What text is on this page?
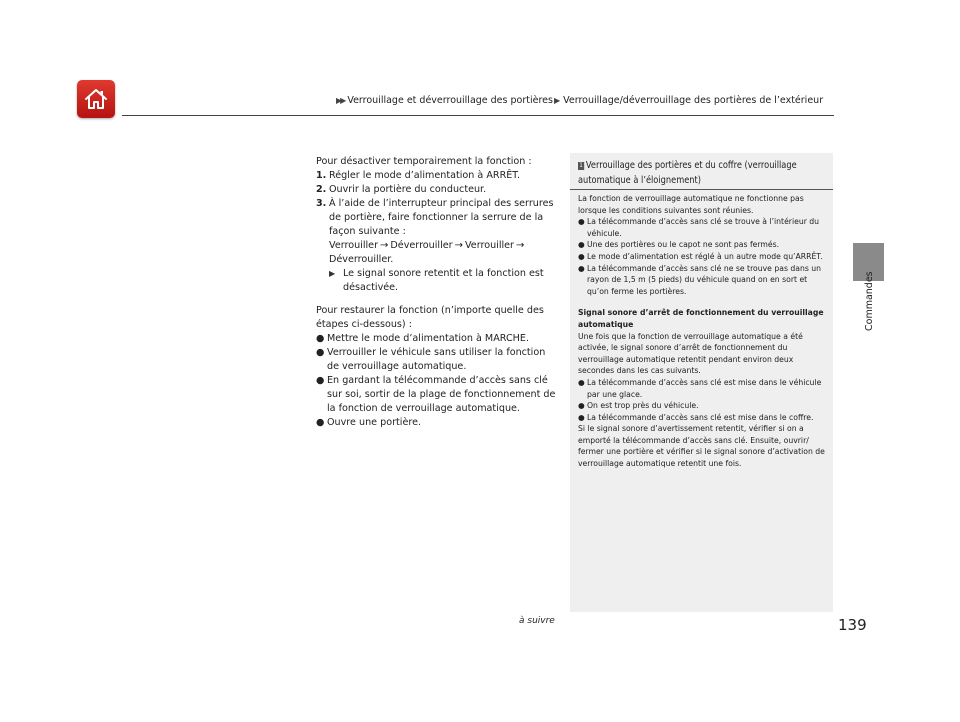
▶▶ Verrouillage et déverrouillage des portières▶ Verrouillage/déverrouillage des portières de l’extérieur
Commandes

Pour désactiver temporairement la fonction :

1. Régler le mode d’alimentation à ARRÊT.
2. Ouvrir la portière du conducteur.
3. À l’aide de l’interrupteur principal des serrures de portière, faire fonctionner la serrure de la façon suivante :
Verrouiller → Déverrouiller → Verrouiller →
Déverrouiller.
▶ Le signal sonore retentit et la fonction est désactivée.

Pour restaurer la fonction (n’importe quelle des étapes ci-dessous) :

● Mettre le mode d’alimentation à MARCHE.
● Verrouiller le véhicule sans utiliser la fonction de verrouillage automatique.
● En gardant la télécommande d’accès sans clé sur soi, sortir de la plage de fonctionnement de la fonction de verrouillage automatique.
● Ouvre une portière.
1 Verrouillage des portières et du coffre (verrouillage automatique à l’éloignement)

La fonction de verrouillage automatique ne fonctionne pas lorsque les conditions suivantes sont réunies.

● La télécommande d’accès sans clé se trouve à l’intérieur du véhicule.
● Une des portières ou le capot ne sont pas fermés.
● Le mode d’alimentation est réglé à un autre mode qu’ARRÊT.
● La télécommande d’accès sans clé ne se trouve pas dans un rayon de 1,5 m (5 pieds) du véhicule quand on en sort et qu’on ferme les portières.

Signal sonore d’arrêt de fonctionnement du verrouillage automatique

Une fois que la fonction de verrouillage automatique a été activée, le signal sonore d’arrêt de fonctionnement du verrouillage automatique retentit pendant environ deux secondes dans les cas suivants.

● La télécommande d’accès sans clé est mise dans le véhicule par une glace.
● On est trop près du véhicule.
● La télécommande d’accès sans clé est mise dans le coffre.

Si le signal sonore d’avertissement retentit, vérifier si on a emporté la télécommande d’accès sans clé. Ensuite, ouvrir/ fermer une portière et vérifier si le signal sonore d’activation de verrouillage automatique retentit une fois.

à suivre	139
